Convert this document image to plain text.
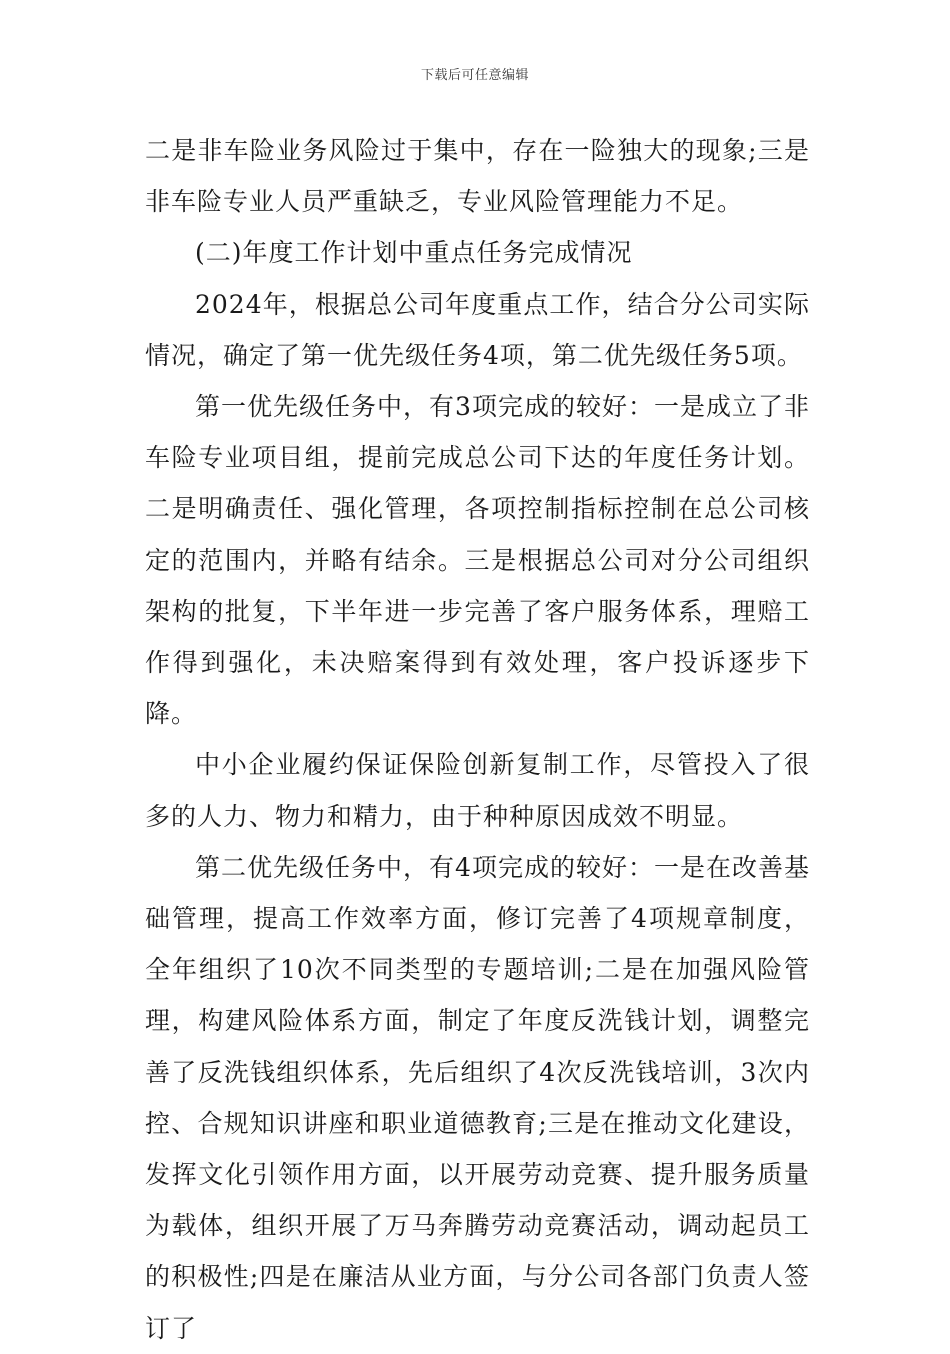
下载后可任意编辑

二是非车险业务风险过于集中，存在一险独大的现象;三是非车险专业人员严重缺乏，专业风险管理能力不足。

(二)年度工作计划中重点任务完成情况

2024年，根据总公司年度重点工作，结合分公司实际情况，确定了第一优先级任务4项，第二优先级任务5项。

第一优先级任务中，有3项完成的较好：一是成立了非车险专业项目组，提前完成总公司下达的年度任务计划。二是明确责任、强化管理，各项控制指标控制在总公司核定的范围内，并略有结余。三是根据总公司对分公司组织架构的批复，下半年进一步完善了客户服务体系，理赔工作得到强化，未决赔案得到有效处理，客户投诉逐步下降。

中小企业履约保证保险创新复制工作，尽管投入了很多的人力、物力和精力，由于种种原因成效不明显。

第二优先级任务中，有4项完成的较好：一是在改善基础管理，提高工作效率方面，修订完善了4项规章制度，全年组织了10次不同类型的专题培训;二是在加强风险管理，构建风险体系方面，制定了年度反洗钱计划，调整完善了反洗钱组织体系，先后组织了4次反洗钱培训，3次内控、合规知识讲座和职业道德教育;三是在推动文化建设，发挥文化引领作用方面，以开展劳动竞赛、提升服务质量为载体，组织开展了万马奔腾劳动竞赛活动，调动起员工的积极性;四是在廉洁从业方面，与分公司各部门负责人签订了
